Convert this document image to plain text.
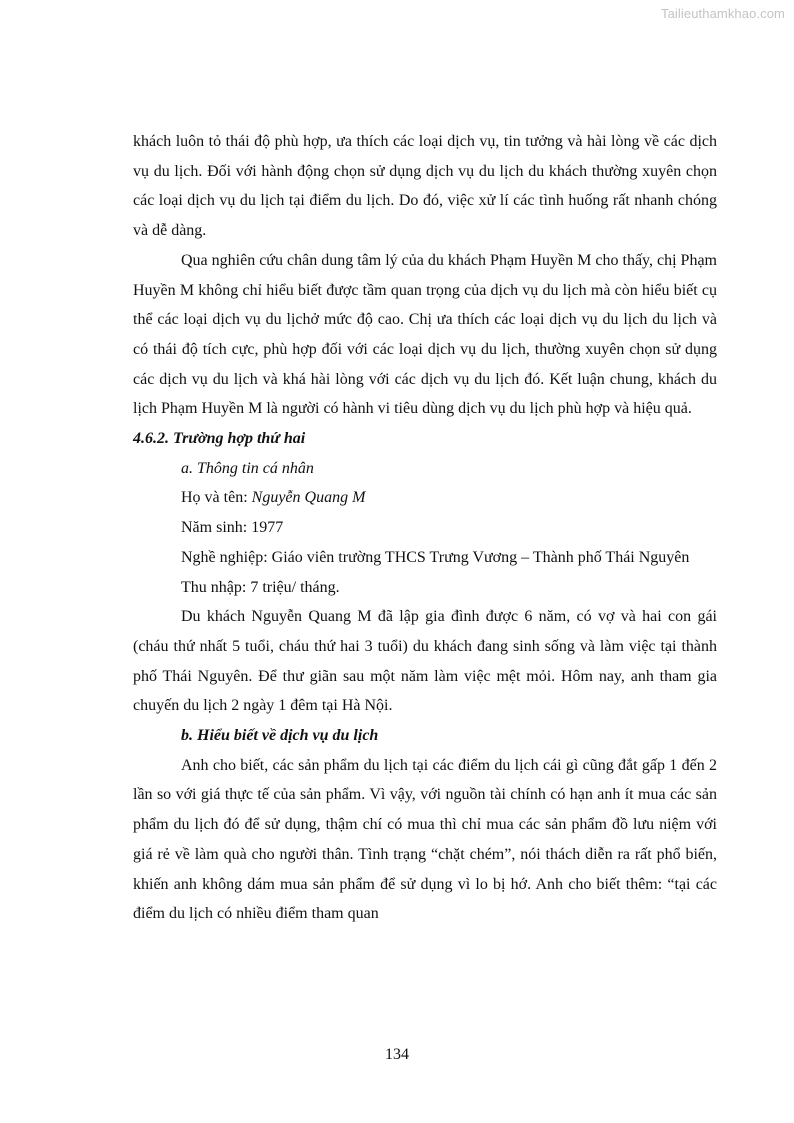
Tailieuthamkhao.com

khách luôn tỏ thái độ phù hợp, ưa thích các loại dịch vụ, tin tưởng và hài lòng về các dịch vụ du lịch. Đối với hành động chọn sử dụng dịch vụ du lịch du khách thường xuyên chọn các loại dịch vụ du lịch tại điểm du lịch. Do đó, việc xử lí các tình huống rất nhanh chóng và dễ dàng.

Qua nghiên cứu chân dung tâm lý của du khách Phạm Huyền M cho thấy, chị Phạm Huyền M không chỉ hiểu biết được tầm quan trọng của dịch vụ du lịch mà còn hiểu biết cụ thể các loại dịch vụ du lịchở mức độ cao. Chị ưa thích các loại dịch vụ du lịch du lịch và có thái độ tích cực, phù hợp đối với các loại dịch vụ du lịch, thường xuyên chọn sử dụng các dịch vụ du lịch và khá hài lòng với các dịch vụ du lịch đó. Kết luận chung, khách du lịch Phạm Huyền M là người có hành vi tiêu dùng dịch vụ du lịch phù hợp và hiệu quả.

4.6.2. Trường hợp thứ hai

a. Thông tin cá nhân

Họ và tên: Nguyễn Quang M

Năm sinh: 1977

Nghề nghiệp: Giáo viên trường THCS Trưng Vương – Thành phố Thái Nguyên

Thu nhập: 7 triệu/ tháng.

Du khách Nguyễn Quang M đã lập gia đình được 6 năm, có vợ và hai con gái (cháu thứ nhất 5 tuổi, cháu thứ hai 3 tuổi) du khách đang sinh sống và làm việc tại thành phố Thái Nguyên. Để thư giãn sau một năm làm việc mệt mỏi. Hôm nay, anh tham gia chuyến du lịch 2 ngày 1 đêm tại Hà Nội.

b. Hiểu biết về dịch vụ du lịch

Anh cho biết, các sản phẩm du lịch tại các điểm du lịch cái gì cũng đắt gấp 1 đến 2 lần so với giá thực tế của sản phẩm. Vì vậy, với nguồn tài chính có hạn anh ít mua các sản phẩm du lịch đó để sử dụng, thậm chí có mua thì chỉ mua các sản phẩm đồ lưu niệm với giá rẻ về làm quà cho người thân. Tình trạng “chặt chém”, nói thách diễn ra rất phổ biến, khiến anh không dám mua sản phẩm để sử dụng vì lo bị hớ. Anh cho biết thêm: “tại các điểm du lịch có nhiều điểm tham quan

134
